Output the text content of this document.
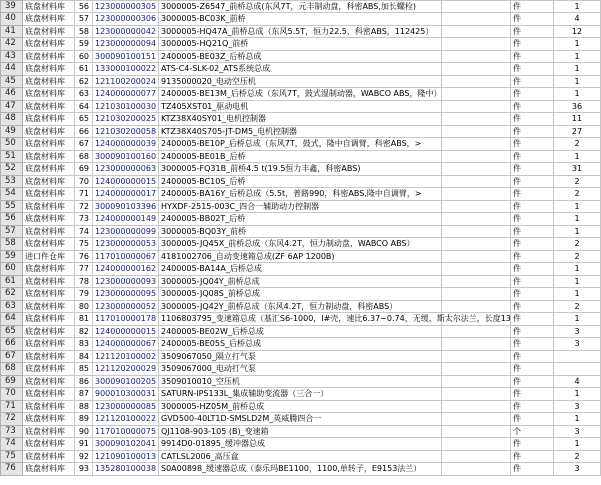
39	底盘材料库	56	123000000305	3000005-Z6547_前桥总成(东风7T，元丰制动盘，科密ABS,加长螺栓)		件	1
40	底盘材料库	57	123000000306	3000005-BC03K_前桥		件	4
41	底盘材料库	58	123000000042	3000005-HQ47A_前桥总成（东风5.5T，恒力22.5，科密ABS，112425）		件	12
42	底盘材料库	59	123000000094	3000005-HQ21Q_前桥		件	1
43	底盘材料库	60	300090100151	2400005-BE03Z_后桥总成		件	1
44	底盘材料库	61	133000100022	ATS-C4-SLK-02_ATS系统总成		件	1
45	底盘材料库	62	121100200024	9135000020_电动空压机		件	1
46	底盘材料库	63	124000000077	2400005-BE13M_后桥总成（东风7T，鼓式湿制动器，WABCO ABS，隆中）		件	1
47	底盘材料库	64	121030100030	TZ405XST01_驱动电机		件	36
48	底盘材料库	65	121030200025	KTZ38X40SY01_电机控制器		件	11
49	底盘材料库	66	121030200058	KTZ38X40S705-JT-DM5_电机控制器		件	27
50	底盘材料库	67	124000000039	2400005-BE10P_后桥总成（东风7T，鼓式，隆中自调臂，科密ABS，>		件	2
51	底盘材料库	68	300090100160	2400005-BE01B_后桥		件	1
52	底盘材料库	69	123000000063	3000005-FQ31B_前桥4.5 t(19.5恒力丰鑫，科密ABS)		件	31
53	底盘材料库	70	124000000015	2400005-BC10S_后桥		件	2
54	底盘材料库	71	124000000017	2400005-BA16Y_后桥总成（5.5t，普路990，科密ABS,隆中自调臂，>		件	2
55	底盘材料库	72	300090103396	HYXDF-2515-003C_四合一辅助动力控制器		件	1
56	底盘材料库	73	124000000149	2400005-BB02T_后桥		件	1
57	底盘材料库	74	123000000099	3000005-BQ03Y_前桥		件	1
58	底盘材料库	75	123000000053	3000005-JQ45X_前桥总成（东风4.2T，恒力制动盘，WABCO ABS）		件	2
59	进口件仓库	76	117010000067	4181002706_自动变速箱总成(ZF 6AP 1200B)		件	2
60	底盘材料库	77	124000000162	2400005-BA14A_后桥总成		件	1
61	底盘材料库	78	123000000093	3000005-JQ04Y_前桥总成		件	1
62	底盘材料库	79	123000000095	3000005-JQ08S_前桥总成		件	1
63	底盘材料库	80	123000000052	3000005-JQ42Y_前桥总成（东风4.2T，恒力制动盘，科密ABS）		件	2
64	底盘材料库	81	117010000178	1106803795_变速箱总成（基汇S6-1000，I#壳，速比6.37~0.74，无缓，斯太尔法兰，长度13		件	1
65	底盘材料库	82	124000000015	2400005-BE02W_后桥总成		件	3
66	底盘材料库	83	124000000067	2400005-BE05S_后桥总成		件	3
67	底盘材料库	84	121120100002	3509067050_隔立打气泵		件	
68	底盘材料库	85	121120200029	3509067000_电动打气泵		件	
69	底盘材料库	86	300090100205	3509010010_空压机		件	4
70	底盘材料库	87	900010300031	SATURN-IPS133L_集成辅助变流器（三合一）		件	1
71	底盘材料库	88	123000000085	3000005-HZ05M_前桥总成		件	3
72	底盘材料库	89	121120100022	GVD500-40LT1D-SMSLD2M_英威腾四合一		件	1
73	底盘材料库	90	117010000075	QJ1108-903-105 (B)_变速箱		个	3
74	底盘材料库	91	300090102041	9914D0-01895_缓冲器总成		件	1
75	底盘材料库	92	121090100013	CATLSL2006_高压盒		件	2
76	底盘材料库	93	135280100038	S0A00898_缓速器总成（泰乐玛BE1100，1100,单转子，E9153法兰）		件	3
